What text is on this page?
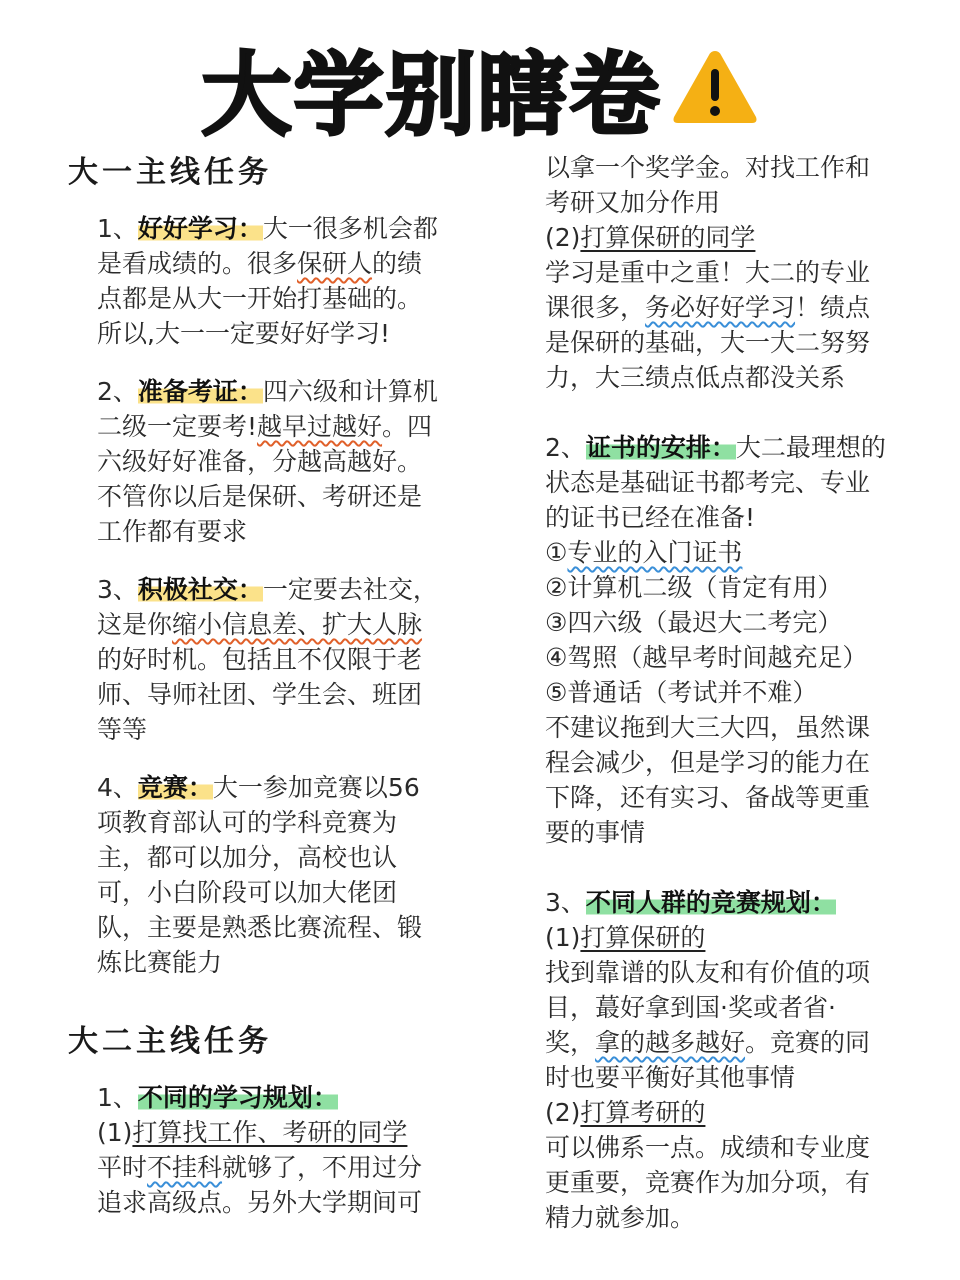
大学别瞎卷
大一主线任务
1、好好学习：大一很多机会都
是看成绩的。很多保研人的绩
点都是从大一开始打基础的。
所以,大一一定要好好学习!
2、准备考证：四六级和计算机
二级一定要考!越早过越好。四
六级好好准备，分越高越好。
不管你以后是保研、考研还是
工作都有要求
3、积极社交：一定要去社交，
这是你缩小信息差、扩大人脉
的好时机。包括且不仅限于老
师、导师社团、学生会、班团
等等
4、竞赛：大一参加竞赛以56
项教育部认可的学科竞赛为
主，都可以加分，高校也认
可，小白阶段可以加大佬团
队，主要是熟悉比赛流程、锻
炼比赛能力
大二主线任务
1、不同的学习规划：
(1)打算找工作、考研的同学
平时不挂科就够了，不用过分
追求高级点。另外大学期间可
以拿一个奖学金。对找工作和
考研又加分作用
(2)打算保研的同学
学习是重中之重！大二的专业
课很多，务必好好学习！绩点
是保研的基础，大一大二努努
力，大三绩点低点都没关系
2、证书的安排：大二最理想的
状态是基础证书都考完、专业
的证书已经在准备!
①专业的入门证书
②计算机二级（肯定有用）
③四六级（最迟大二考完）
④驾照（越早考时间越充足）
⑤普通话（考试并不难）
不建议拖到大三大四，虽然课
程会减少，但是学习的能力在
下降，还有实习、备战等更重
要的事情
3、不同人群的竞赛规划：
(1)打算保研的
找到靠谱的队友和有价值的项
目，蕞好拿到国·奖或者省·
奖，拿的越多越好。竞赛的同
时也要平衡好其他事情
(2)打算考研的
可以佛系一点。成绩和专业度
更重要，竞赛作为加分项，有
精力就参加。
